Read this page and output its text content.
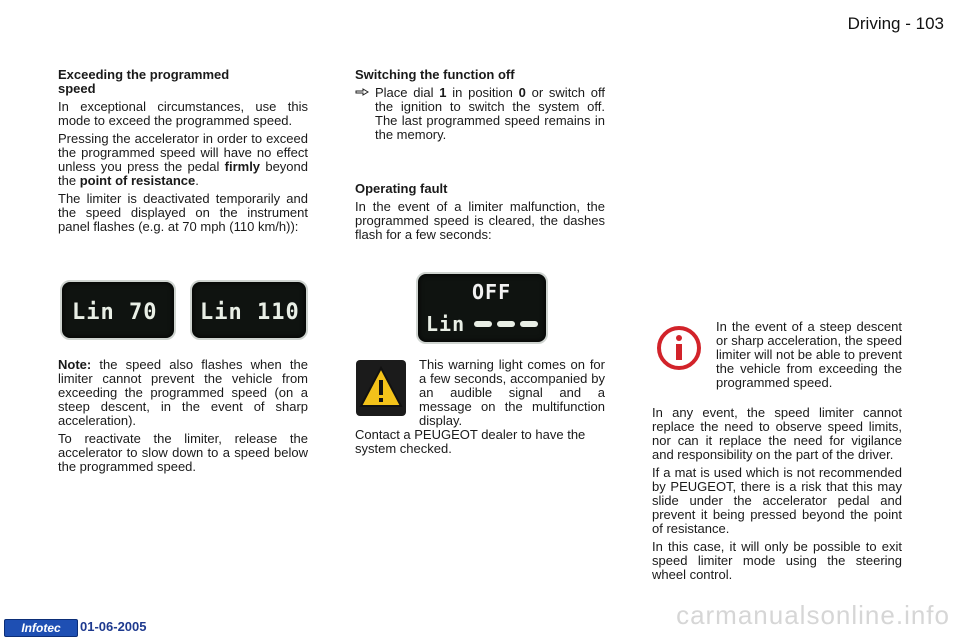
Driving - 103
Exceeding the programmed speed

In exceptional circumstances, use this mode to exceed the programmed speed.

Pressing the accelerator in order to exceed the programmed speed will have no effect unless you press the pedal firmly beyond the point of resistance.

The limiter is deactivated temporarily and the speed displayed on the instrument panel flashes (e.g. at 70 mph (110 km/h)):

Lin 70 Lin 110

Note: the speed also flashes when the limiter cannot prevent the vehicle from exceeding the programmed speed (on a steep descent, in the event of sharp acceleration).

To reactivate the limiter, release the accelerator to slow down to a speed below the programmed speed.

Switching the function off
Place dial 1 in position 0 or switch off the ignition to switch the system off. The last programmed speed remains in the memory.
Operating fault

In the event of a limiter malfunction, the programmed speed is cleared, the dashes flash for a few seconds:

OFF
Lin

This warning light comes on for a few seconds, accompanied by an audible signal and a message on the multifunction display.

Contact a PEUGEOT dealer to have the system checked.

In the event of a steep descent or sharp acceleration, the speed limiter will not be able to prevent the vehicle from exceeding the programmed speed.

In any event, the speed limiter cannot replace the need to observe speed limits, nor can it replace the need for vigilance and responsibility on the part of the driver.

If a mat is used which is not recommended by PEUGEOT, there is a risk that this may slide under the accelerator pedal and prevent it being pressed beyond the point of resistance.

In this case, it will only be possible to exit speed limiter mode using the steering wheel control.

Infotec	01-06-2005	carmanualsonline.info
